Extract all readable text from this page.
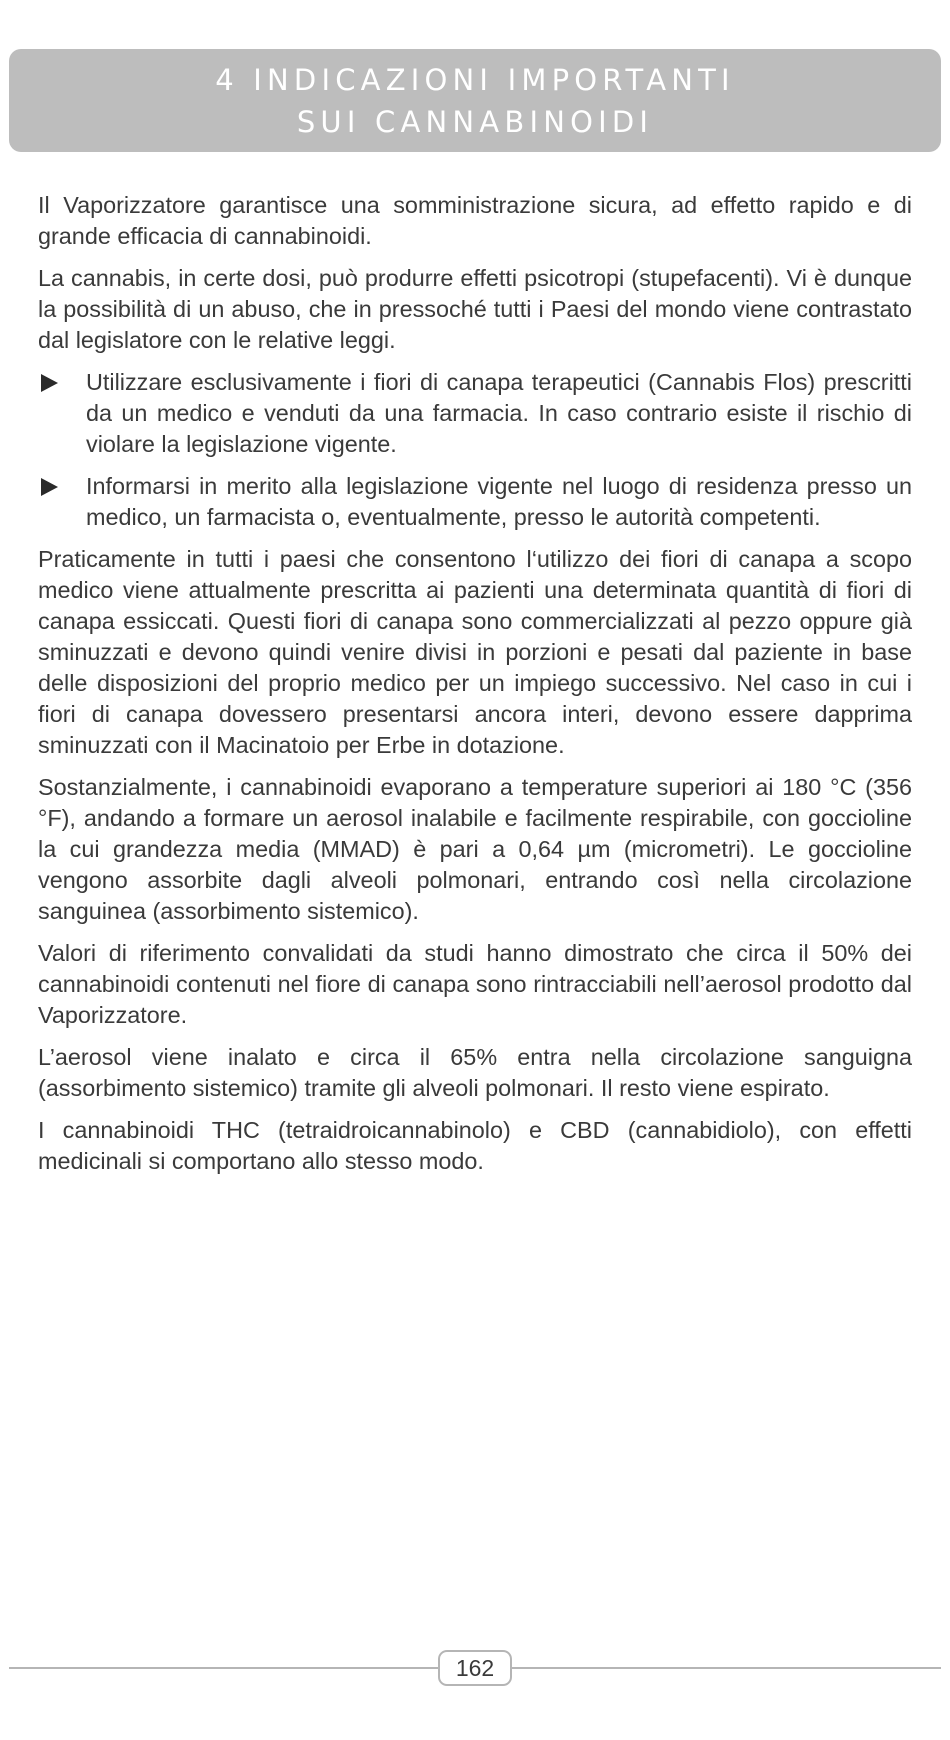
4 INDICAZIONI IMPORTANTI
SUI CANNABINOIDI

Il Vaporizzatore garantisce una somministrazione sicura, ad effetto rapido e di grande efficacia di cannabinoidi.

La cannabis, in certe dosi, può produrre effetti psicotropi (stupefacenti). Vi è dunque la possibilità di un abuso, che in pressoché tutti i Paesi del mondo viene contrastato dal legislatore con le relative leggi.

Utilizzare esclusivamente i fiori di canapa terapeutici (Cannabis Flos) prescritti da un medico e venduti da una farmacia. In caso contrario esiste il rischio di violare la legislazione vigente.
Informarsi in merito alla legislazione vigente nel luogo di residenza presso un medico, un farmacista o, eventualmente, presso le autorità competenti.

Praticamente in tutti i paesi che consentono l‘utilizzo dei fiori di canapa a scopo medico viene attualmente prescritta ai pazienti una determinata quantità di fiori di canapa essiccati. Questi fiori di canapa sono commercializzati al pezzo oppure già sminuzzati e devono quindi venire divisi in porzioni e pesati dal paziente in base delle disposizioni del proprio medico per un impiego successivo. Nel caso in cui i fiori di canapa dovessero presentarsi ancora interi, devono essere dapprima sminuzzati con il Macinatoio per Erbe in dotazione.

Sostanzialmente, i cannabinoidi evaporano a temperature superiori ai 180 °C (356 °F), andando a formare un aerosol inalabile e facilmente respirabile, con goccioline la cui grandezza media (MMAD) è pari a 0,64 µm (micrometri). Le goccioline vengono assorbite dagli alveoli polmonari, entrando così nella circolazione sanguinea (assorbimento sistemico).

Valori di riferimento convalidati da studi hanno dimostrato che circa il 50% dei cannabinoidi contenuti nel fiore di canapa sono rintracciabili nell’aerosol prodotto dal Vaporizzatore.

L’aerosol viene inalato e circa il 65% entra nella circolazione sanguigna (assorbimento sistemico) tramite gli alveoli polmonari. Il resto viene espirato.

I cannabinoidi THC (tetraidroicannabinolo) e CBD (cannabidiolo), con effetti medicinali si comportano allo stesso modo.

162
